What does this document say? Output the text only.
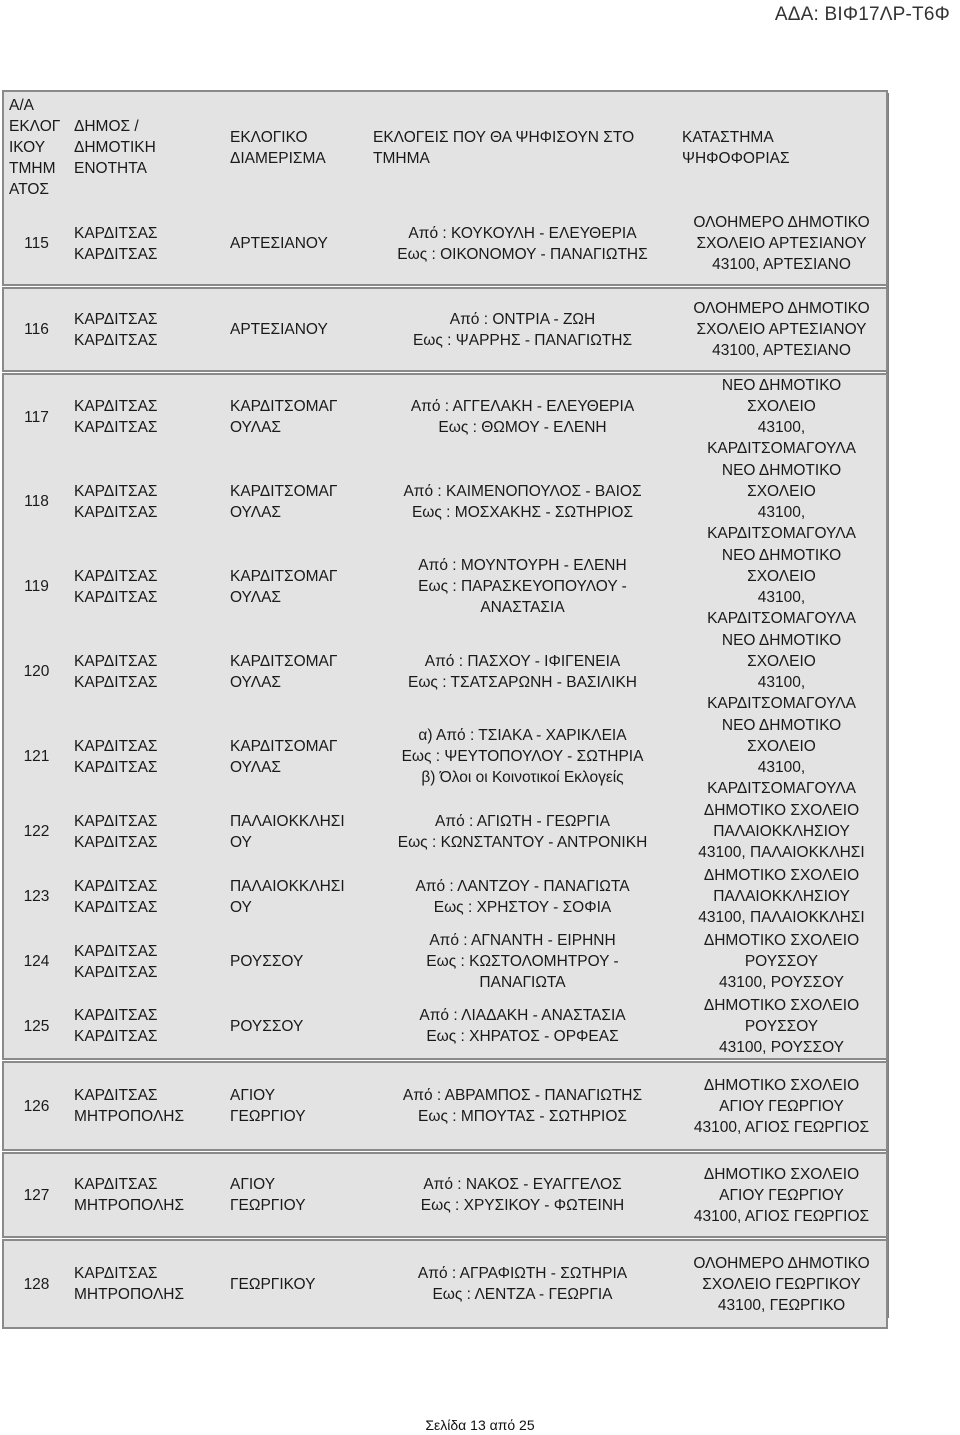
ΑΔΑ: ΒΙΦ17ΛΡ-Τ6Φ
Α/Α
ΕΚΛΟΓ
ΙΚΟΥ
ΤΜΗΜ
ΑΤΟΣ	ΔΗΜΟΣ /
ΔΗΜΟΤΙΚΗ
ΕΝΟΤΗΤΑ	ΕΚΛΟΓΙΚΟ
ΔΙΑΜΕΡΙΣΜΑ	ΕΚΛΟΓΕΙΣ ΠΟΥ ΘΑ ΨΗΦΙΣΟΥΝ ΣΤΟ
ΤΜΗΜΑ	ΚΑΤΑΣΤΗΜΑ
ΨΗΦΟΦΟΡΙΑΣ

115	ΚΑΡΔΙΤΣΑΣ
ΚΑΡΔΙΤΣΑΣ	ΑΡΤΕΣΙΑΝΟΥ	Από : ΚΟΥΚΟΥΛΗ - ΕΛΕΥΘΕΡΙΑ
Εως : ΟΙΚΟΝΟΜΟΥ - ΠΑΝΑΓΙΩΤΗΣ	ΟΛΟΗΜΕΡΟ ΔΗΜΟΤΙΚΟ
ΣΧΟΛΕΙΟ ΑΡΤΕΣΙΑΝΟΥ
43100, ΑΡΤΕΣΙΑΝΟ

116	ΚΑΡΔΙΤΣΑΣ
ΚΑΡΔΙΤΣΑΣ	ΑΡΤΕΣΙΑΝΟΥ	Από : ΟΝΤΡΙΑ - ΖΩΗ
Εως : ΨΑΡΡΗΣ - ΠΑΝΑΓΙΩΤΗΣ	ΟΛΟΗΜΕΡΟ ΔΗΜΟΤΙΚΟ
ΣΧΟΛΕΙΟ ΑΡΤΕΣΙΑΝΟΥ
43100, ΑΡΤΕΣΙΑΝΟ

117	ΚΑΡΔΙΤΣΑΣ
ΚΑΡΔΙΤΣΑΣ	ΚΑΡΔΙΤΣΟΜΑΓ
ΟΥΛΑΣ	Από : ΑΓΓΕΛΑΚΗ - ΕΛΕΥΘΕΡΙΑ
Εως : ΘΩΜΟΥ - ΕΛΕΝΗ	ΝΕΟ ΔΗΜΟΤΙΚΟ
ΣΧΟΛΕΙΟ
43100,
ΚΑΡΔΙΤΣΟΜΑΓΟΥΛΑ

118	ΚΑΡΔΙΤΣΑΣ
ΚΑΡΔΙΤΣΑΣ	ΚΑΡΔΙΤΣΟΜΑΓ
ΟΥΛΑΣ	Από : ΚΑΙΜΕΝΟΠΟΥΛΟΣ - ΒΑΙΟΣ
Εως : ΜΟΣΧΑΚΗΣ - ΣΩΤΗΡΙΟΣ	ΝΕΟ ΔΗΜΟΤΙΚΟ
ΣΧΟΛΕΙΟ
43100,
ΚΑΡΔΙΤΣΟΜΑΓΟΥΛΑ

119	ΚΑΡΔΙΤΣΑΣ
ΚΑΡΔΙΤΣΑΣ	ΚΑΡΔΙΤΣΟΜΑΓ
ΟΥΛΑΣ	Από : ΜΟΥΝΤΟΥΡΗ - ΕΛΕΝΗ
Εως : ΠΑΡΑΣΚΕΥΟΠΟΥΛΟΥ -
ΑΝΑΣΤΑΣΙΑ	ΝΕΟ ΔΗΜΟΤΙΚΟ
ΣΧΟΛΕΙΟ
43100,
ΚΑΡΔΙΤΣΟΜΑΓΟΥΛΑ

120	ΚΑΡΔΙΤΣΑΣ
ΚΑΡΔΙΤΣΑΣ	ΚΑΡΔΙΤΣΟΜΑΓ
ΟΥΛΑΣ	Από : ΠΑΣΧΟΥ - ΙΦΙΓΕΝΕΙΑ
Εως : ΤΣΑΤΣΑΡΩΝΗ - ΒΑΣΙΛΙΚΗ	ΝΕΟ ΔΗΜΟΤΙΚΟ
ΣΧΟΛΕΙΟ
43100,
ΚΑΡΔΙΤΣΟΜΑΓΟΥΛΑ

121	ΚΑΡΔΙΤΣΑΣ
ΚΑΡΔΙΤΣΑΣ	ΚΑΡΔΙΤΣΟΜΑΓ
ΟΥΛΑΣ	α) Από : ΤΣΙΑΚΑ - ΧΑΡΙΚΛΕΙΑ
Εως : ΨΕΥΤΟΠΟΥΛΟΥ - ΣΩΤΗΡΙΑ
β) Όλοι οι Κοινοτικοί Εκλογείς	ΝΕΟ ΔΗΜΟΤΙΚΟ
ΣΧΟΛΕΙΟ
43100,
ΚΑΡΔΙΤΣΟΜΑΓΟΥΛΑ

122	ΚΑΡΔΙΤΣΑΣ
ΚΑΡΔΙΤΣΑΣ	ΠΑΛΑΙΟΚΚΛΗΣΙ
ΟΥ	Από : ΑΓΙΩΤΗ - ΓΕΩΡΓΙΑ
Εως : ΚΩΝΣΤΑΝΤΟΥ - ΑΝΤΡΟΝΙΚΗ	ΔΗΜΟΤΙΚΟ ΣΧΟΛΕΙΟ
ΠΑΛΑΙΟΚΚΛΗΣΙΟΥ
43100, ΠΑΛΑΙΟΚΚΛΗΣΙ

123	ΚΑΡΔΙΤΣΑΣ
ΚΑΡΔΙΤΣΑΣ	ΠΑΛΑΙΟΚΚΛΗΣΙ
ΟΥ	Από : ΛΑΝΤΖΟΥ - ΠΑΝΑΓΙΩΤΑ
Εως : ΧΡΗΣΤΟΥ - ΣΟΦΙΑ	ΔΗΜΟΤΙΚΟ ΣΧΟΛΕΙΟ
ΠΑΛΑΙΟΚΚΛΗΣΙΟΥ
43100, ΠΑΛΑΙΟΚΚΛΗΣΙ

124	ΚΑΡΔΙΤΣΑΣ
ΚΑΡΔΙΤΣΑΣ	ΡΟΥΣΣΟΥ	Από : ΑΓΝΑΝΤΗ - ΕΙΡΗΝΗ
Εως : ΚΩΣΤΟΛΟΜΗΤΡΟΥ -
ΠΑΝΑΓΙΩΤΑ	ΔΗΜΟΤΙΚΟ ΣΧΟΛΕΙΟ
ΡΟΥΣΣΟΥ
43100, ΡΟΥΣΣΟΥ

125	ΚΑΡΔΙΤΣΑΣ
ΚΑΡΔΙΤΣΑΣ	ΡΟΥΣΣΟΥ	Από : ΛΙΑΔΑΚΗ - ΑΝΑΣΤΑΣΙΑ
Εως : ΧΗΡΑΤΟΣ - ΟΡΦΕΑΣ	ΔΗΜΟΤΙΚΟ ΣΧΟΛΕΙΟ
ΡΟΥΣΣΟΥ
43100, ΡΟΥΣΣΟΥ

126	ΚΑΡΔΙΤΣΑΣ
ΜΗΤΡΟΠΟΛΗΣ	ΑΓΙΟΥ
ΓΕΩΡΓΙΟΥ	Από : ΑΒΡΑΜΠΟΣ - ΠΑΝΑΓΙΩΤΗΣ
Εως : ΜΠΟΥΤΑΣ - ΣΩΤΗΡΙΟΣ	ΔΗΜΟΤΙΚΟ ΣΧΟΛΕΙΟ
ΑΓΙΟΥ ΓΕΩΡΓΙΟΥ
43100, ΑΓΙΟΣ ΓΕΩΡΓΙΟΣ

127	ΚΑΡΔΙΤΣΑΣ
ΜΗΤΡΟΠΟΛΗΣ	ΑΓΙΟΥ
ΓΕΩΡΓΙΟΥ	Από : ΝΑΚΟΣ - ΕΥΑΓΓΕΛΟΣ
Εως : ΧΡΥΣΙΚΟΥ - ΦΩΤΕΙΝΗ	ΔΗΜΟΤΙΚΟ ΣΧΟΛΕΙΟ
ΑΓΙΟΥ ΓΕΩΡΓΙΟΥ
43100, ΑΓΙΟΣ ΓΕΩΡΓΙΟΣ

128	ΚΑΡΔΙΤΣΑΣ
ΜΗΤΡΟΠΟΛΗΣ	ΓΕΩΡΓΙΚΟΥ	Από : ΑΓΡΑΦΙΩΤΗ - ΣΩΤΗΡΙΑ
Εως : ΛΕΝΤΖΑ - ΓΕΩΡΓΙΑ	ΟΛΟΗΜΕΡΟ ΔΗΜΟΤΙΚΟ
ΣΧΟΛΕΙΟ ΓΕΩΡΓΙΚΟΥ
43100, ΓΕΩΡΓΙΚΟ
Σελίδα 13 από 25
